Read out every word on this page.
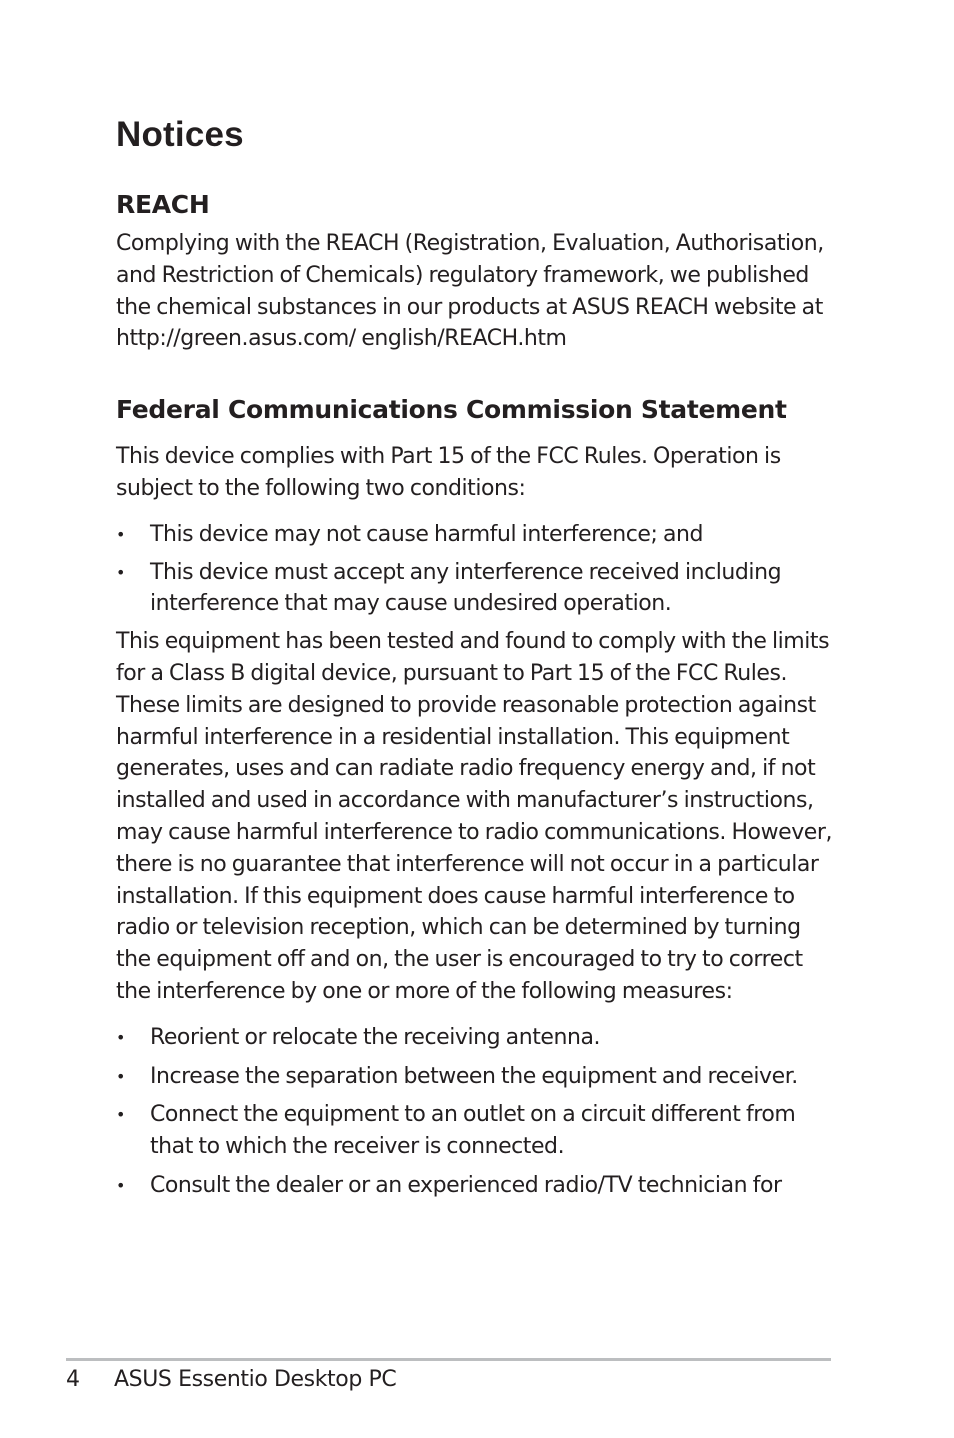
Notices
REACH

Complying with the REACH (Registration, Evaluation, Authorisation, and Restriction of Chemicals) regulatory framework, we published the chemical substances in our products at ASUS REACH website at http://green.asus.com/ english/REACH.htm

Federal Communications Commission Statement

This device complies with Part 15 of the FCC Rules. Operation is subject to the following two conditions:

• This device may not cause harmful interference; and
• This device must accept any interference received including interference that may cause undesired operation.

This equipment has been tested and found to comply with the limits for a Class B digital device, pursuant to Part 15 of the FCC Rules. These limits are designed to provide reasonable protection against harmful interference in a residential installation. This equipment generates, uses and can radiate radio frequency energy and, if not installed and used in accordance with manufacturer’s instructions, may cause harmful interference to radio communications. However, there is no guarantee that interference will not occur in a particular installation. If this equipment does cause harmful interference to radio or television reception, which can be determined by turning the equipment off and on, the user is encouraged to try to correct the interference by one or more of the following measures:

• Reorient or relocate the receiving antenna.
• Increase the separation between the equipment and receiver.
• Connect the equipment to an outlet on a circuit different from that to which the receiver is connected.
• Consult the dealer or an experienced radio/TV technician for
4 ASUS Essentio Desktop PC
